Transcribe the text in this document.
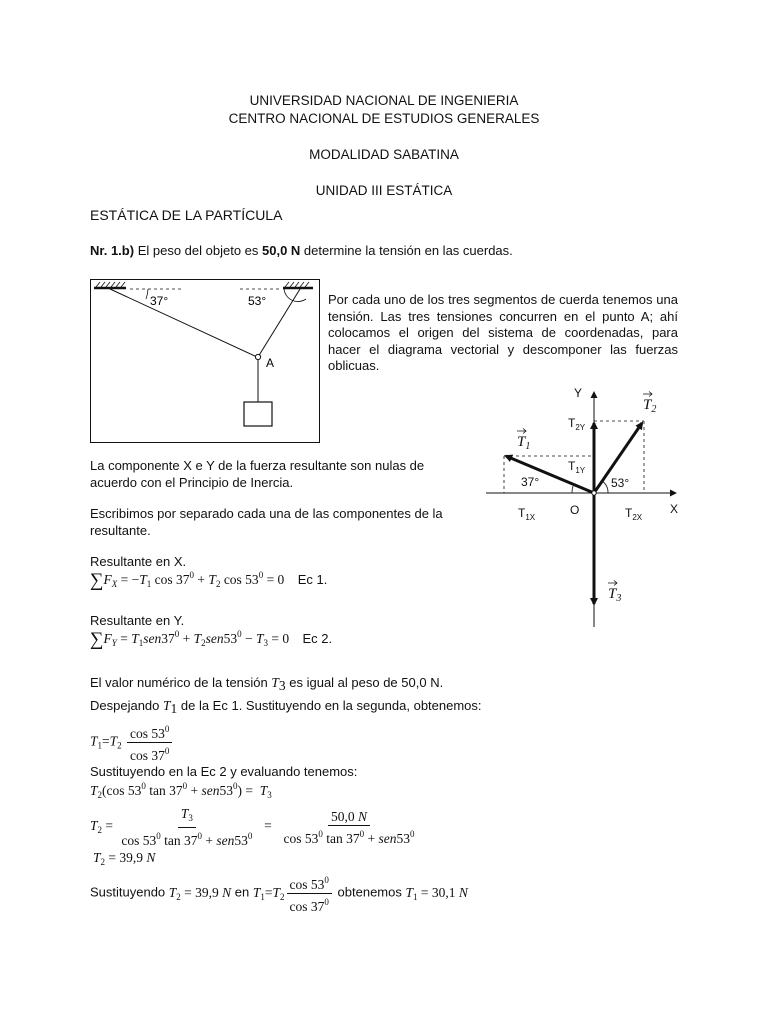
UNIVERSIDAD NACIONAL DE INGENIERIA
CENTRO NACIONAL DE ESTUDIOS GENERALES
MODALIDAD SABATINA
UNIDAD III ESTÁTICA
ESTÁTICA DE LA PARTÍCULA
Nr. 1.b) El peso del objeto es 50,0 N determine la tensión en las cuerdas.
37°	53°
A
Por cada uno de los tres segmentos de cuerda tenemos una tensión. Las tres tensiones concurren en el punto A; ahí colocamos el origen del sistema de coordenadas, para hacer el diagrama vectorial y descomponer las fuerzas oblicuas.
Y
X
O
$T_{2Y}$
$T_{1Y}$
$T_{1X}$	$T_{2X}$
37°	53°
$T_1$
$T_2$
$T_3$
La componente X e Y de la fuerza resultante son nulas de acuerdo con el Principio de Inercia.
Escribimos por separado cada una de las componentes de la resultante.
Resultante en X.
$\sum F_X = -T_1$ $\cos 37^0 + T_2$ $\cos 53^0 = 0$ Ec 1.
Resultante en Y.
$\sum F_Y = T_1sen37^0 + T_2sen53^0 - T_3 = 0$ Ec 2.
El valor numérico de la tensión $T_3$ es igual al peso de 50,0 N.
Despejando $T_1$ de la Ec 1. Sustituyendo en la segunda, obtenemos:
$T_1=T_2 \frac{\cos 53^0}{\cos 37^0}$
Sustituyendo en la Ec 2 y evaluando tenemos:
$T_2(\cos$ $53^0$ $\tan 37^0 + sen53^0) = T_3$
$T_2 = \frac{T_3}{\cos 53^0 \tan 37^0 + sen53^0} = \frac{50,0 N}{\cos 53^0 \tan 37^0 + sen53^0}$
$T_2 = 39,9$ N
Sustituyendo $T_2 = 39,9$ N en $T_1=T_2 \frac{\cos 53^0}{\cos 37^0}$ obtenemos $T_1 = 30,1$ N
